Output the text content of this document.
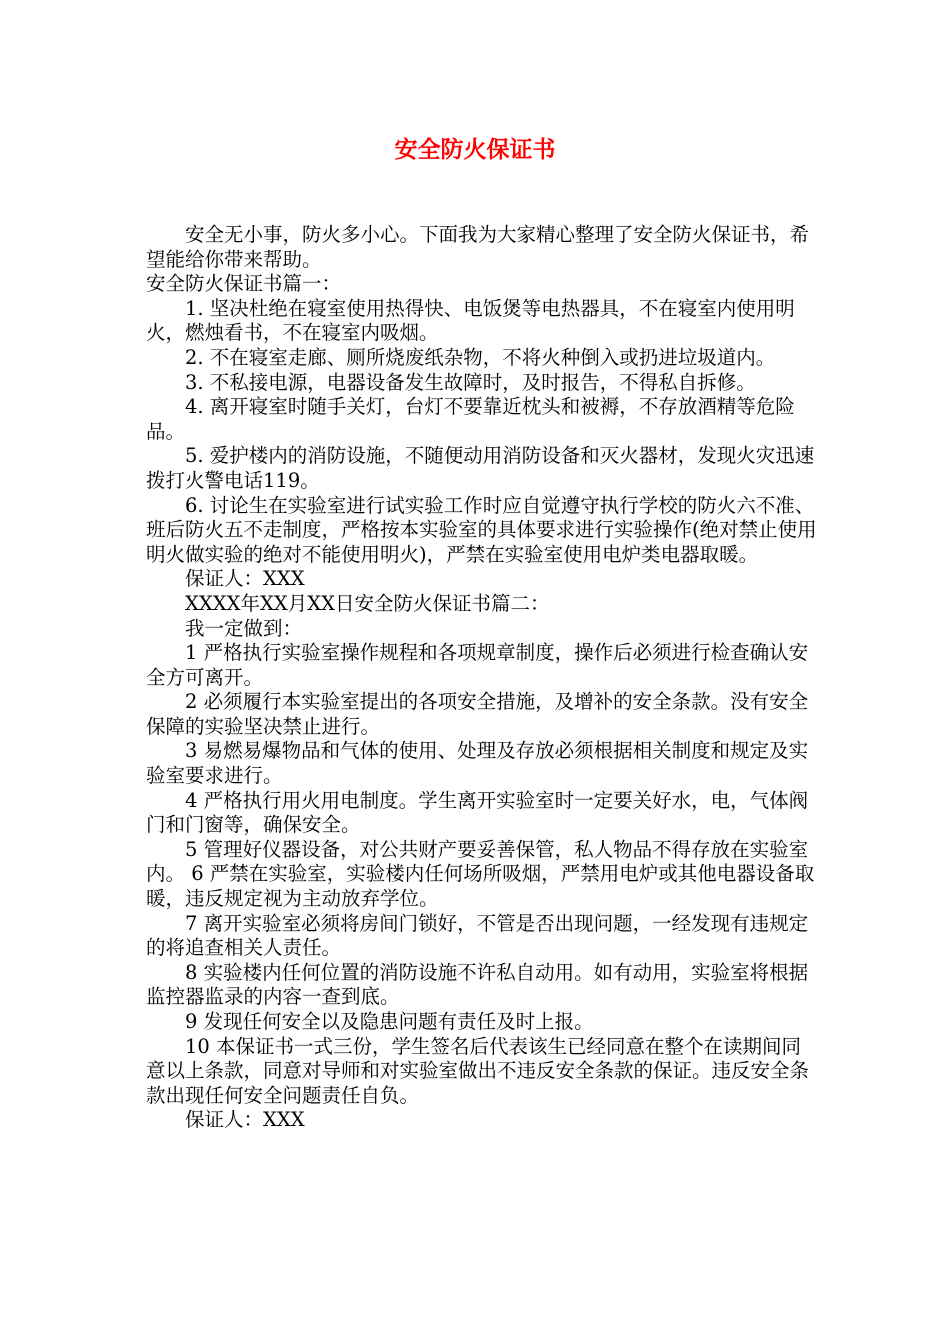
安全防火保证书

安全无小事，防火多小心。下面我为大家精心整理了安全防火保证书，希望能给你带来帮助。

安全防火保证书篇一：

1. 坚决杜绝在寝室使用热得快、电饭煲等电热器具，不在寝室内使用明火，燃烛看书，不在寝室内吸烟。

2. 不在寝室走廊、厕所烧废纸杂物，不将火种倒入或扔进垃圾道内。

3. 不私接电源，电器设备发生故障时，及时报告，不得私自拆修。

4. 离开寝室时随手关灯，台灯不要靠近枕头和被褥，不存放酒精等危险品。

5. 爱护楼内的消防设施，不随便动用消防设备和灭火器材，发现火灾迅速拨打火警电话119。

6. 讨论生在实验室进行试实验工作时应自觉遵守执行学校的防火六不准、班后防火五不走制度，严格按本实验室的具体要求进行实验操作(绝对禁止使用明火做实验的绝对不能使用明火)，严禁在实验室使用电炉类电器取暖。

保证人：XXX

XXXX年XX月XX日安全防火保证书篇二：

我一定做到：

1 严格执行实验室操作规程和各项规章制度，操作后必须进行检查确认安全方可离开。

2 必须履行本实验室提出的各项安全措施，及增补的安全条款。没有安全保障的实验坚决禁止进行。

3 易燃易爆物品和气体的使用、处理及存放必须根据相关制度和规定及实验室要求进行。

4 严格执行用火用电制度。学生离开实验室时一定要关好水，电，气体阀门和门窗等，确保安全。

5 管理好仪器设备，对公共财产要妥善保管，私人物品不得存放在实验室内。 6 严禁在实验室，实验楼内任何场所吸烟，严禁用电炉或其他电器设备取暖，违反规定视为主动放弃学位。

7 离开实验室必须将房间门锁好，不管是否出现问题，一经发现有违规定的将追查相关人责任。

8 实验楼内任何位置的消防设施不许私自动用。如有动用，实验室将根据监控器监录的内容一查到底。

9 发现任何安全以及隐患问题有责任及时上报。

10 本保证书一式三份，学生签名后代表该生已经同意在整个在读期间同意以上条款，同意对导师和对实验室做出不违反安全条款的保证。违反安全条款出现任何安全问题责任自负。

保证人：XXX
